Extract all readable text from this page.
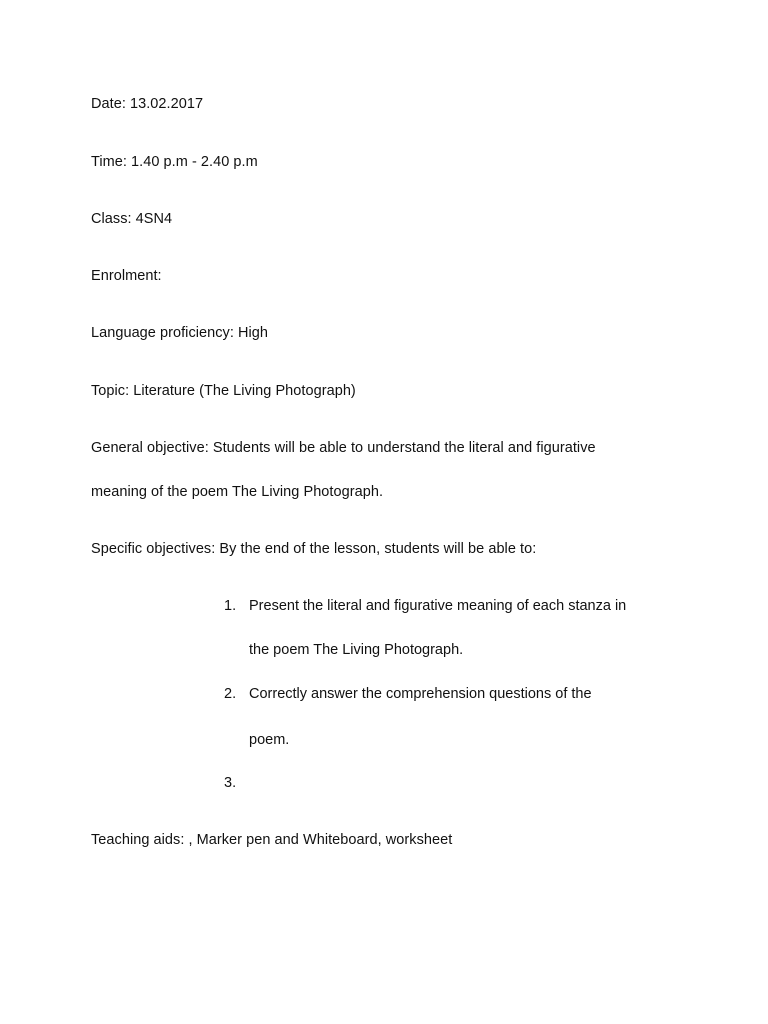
Date: 13.02.2017
Time: 1.40 p.m - 2.40 p.m
Class: 4SN4
Enrolment:
Language proficiency: High
Topic: Literature (The Living Photograph)
General objective: Students will be able to understand the literal and figurative
meaning of the poem The Living Photograph.
Specific objectives: By the end of the lesson, students will be able to:
1. Present the literal and figurative meaning of each stanza in
the poem The Living Photograph.
2. Correctly answer the comprehension questions of the
poem.
3.
Teaching aids: , Marker pen and Whiteboard, worksheet
